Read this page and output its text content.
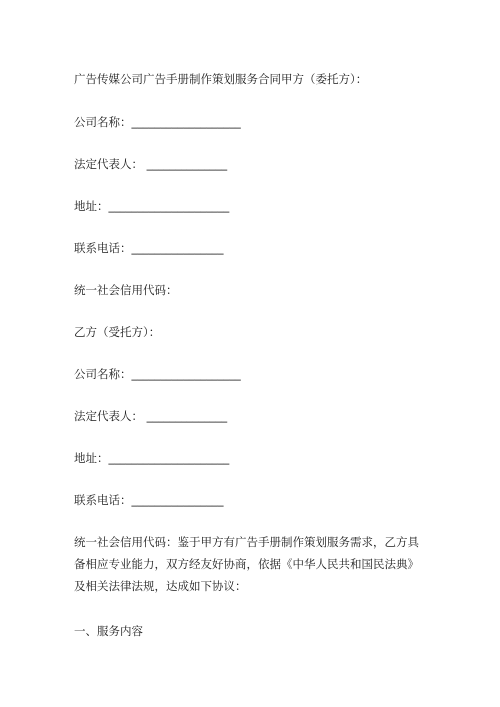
广告传媒公司广告手册制作策划服务合同甲方（委托方）：
公司名称：___________________
法定代表人： ______________
地址：_____________________
联系电话：________________
统一社会信用代码：
乙方（受托方）：
公司名称：___________________
法定代表人： ______________
地址：_____________________
联系电话：________________
统一社会信用代码：鉴于甲方有广告手册制作策划服务需求，乙方具备相应专业能力，双方经友好协商，依据《中华人民共和国民法典》及相关法律法规，达成如下协议：
一、服务内容
